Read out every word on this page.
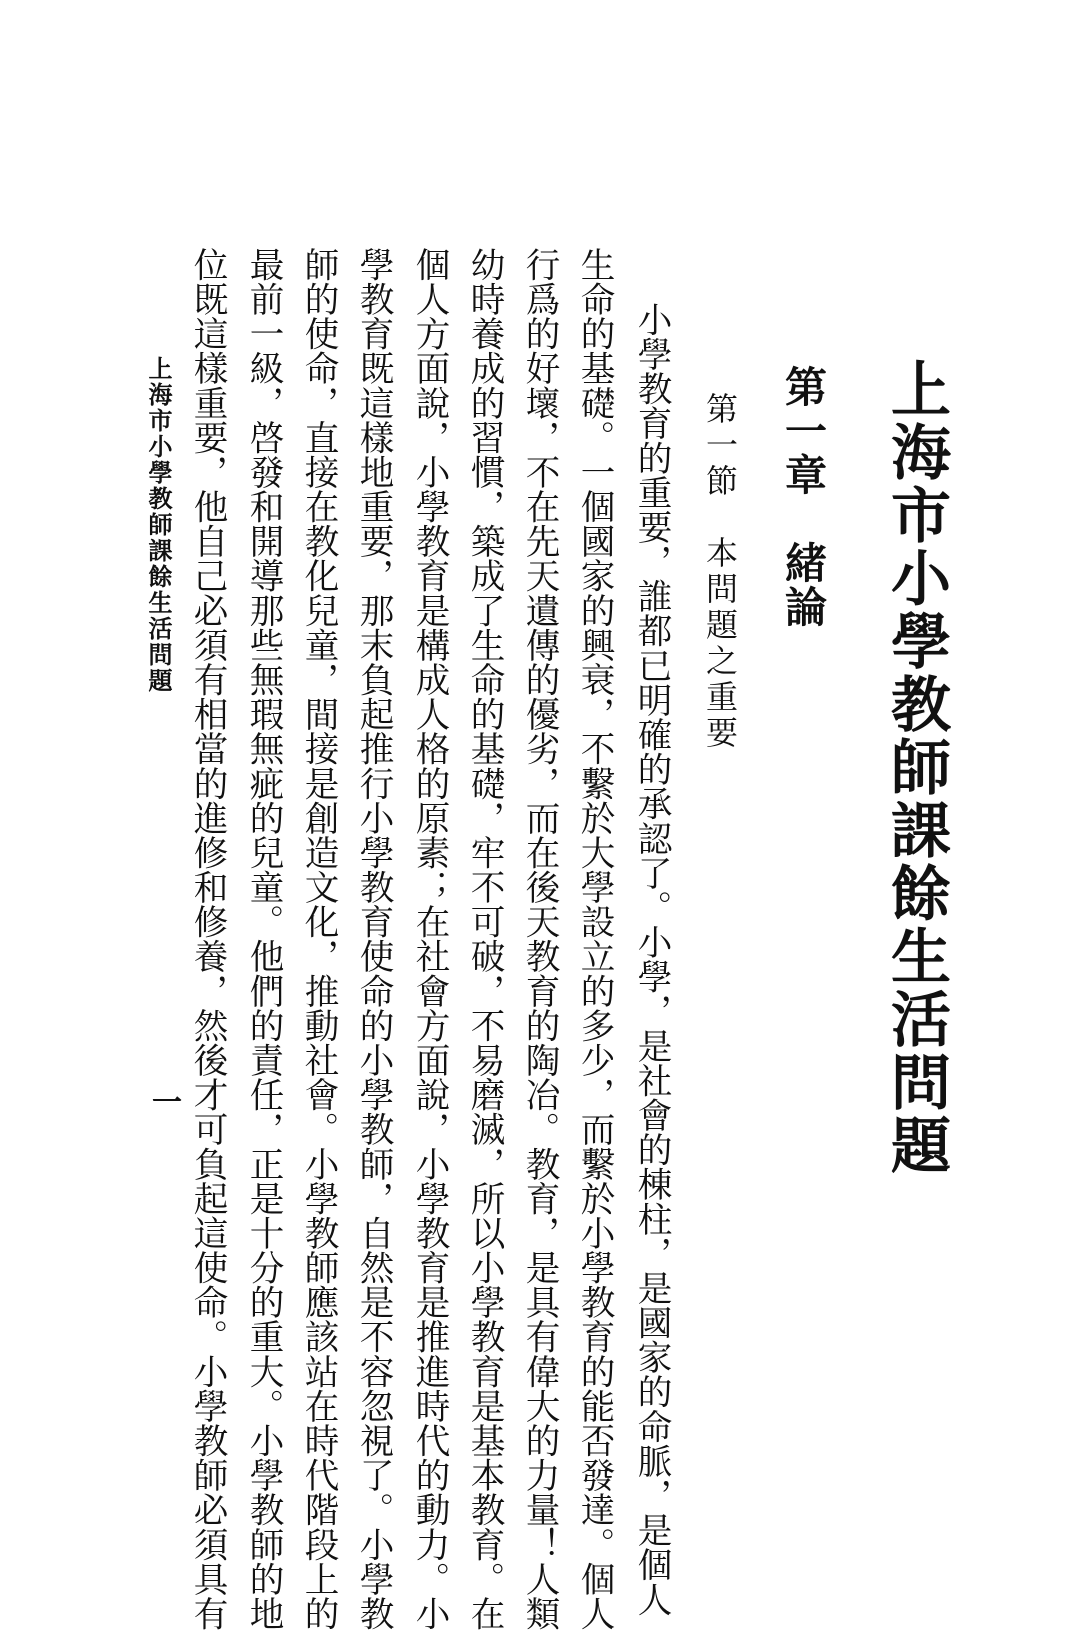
上海市小學教師課餘生活問題
第一章　緒論
第一節　本問題之重要
小學教育的重要，誰都已明確的承認了。小學，是社會的棟柱，是國家的命脈，是個人
生命的基礎。一個國家的興衰，不繫於大學設立的多少，而繫於小學教育的能否發達。個人
行爲的好壞，不在先天遺傳的優劣，而在後天教育的陶冶。教育，是具有偉大的力量！人類
幼時養成的習慣，築成了生命的基礎，牢不可破，不易磨滅，所以小學教育是基本教育。在
個人方面說，小學教育是構成人格的原素；在社會方面說，小學教育是推進時代的動力。小
學教育既這樣地重要，那末負起推行小學教育使命的小學教師，自然是不容忽視了。小學教
師的使命，直接在教化兒童，間接是創造文化，推動社會。小學教師應該站在時代階段上的
最前一級，啓發和開導那些無瑕無疵的兒童。他們的責任，正是十分的重大。小學教師的地
位既這樣重要，他自己必須有相當的進修和修養，然後才可負起這使命。小學教師必須具有
上海市小學教師課餘生活問題
一
